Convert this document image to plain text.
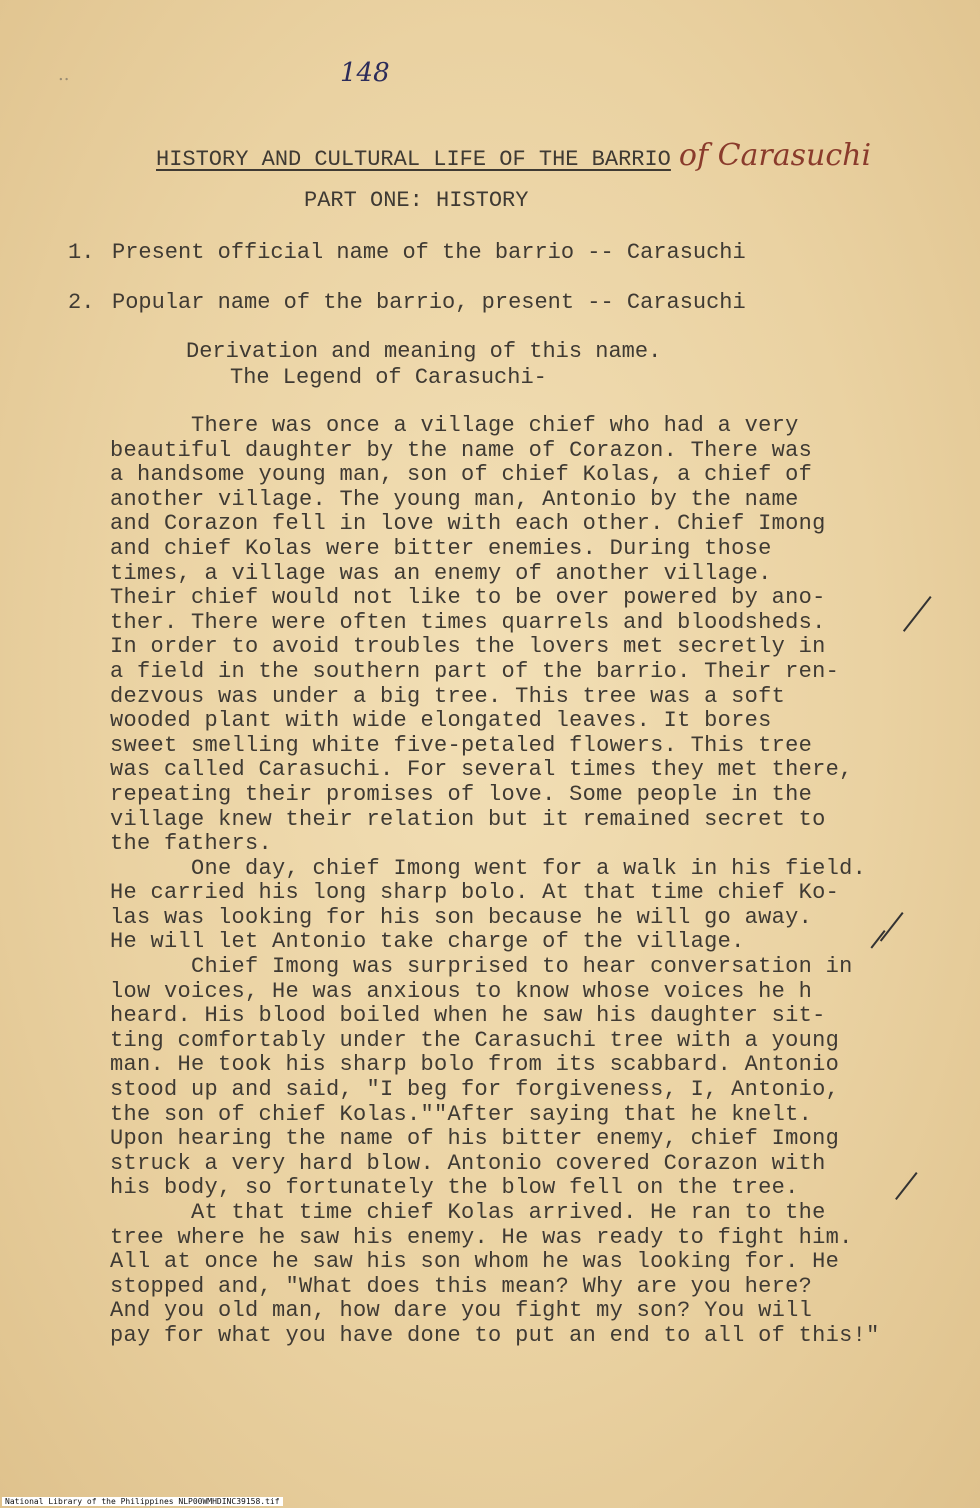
..	148
HISTORY AND CULTURAL LIFE OF THE BARRIO of Carasuchi
PART ONE: HISTORY
1. Present official name of the barrio -- Carasuchi
2. Popular name of the barrio, present -- Carasuchi
Derivation and meaning of this name.
The Legend of Carasuchi-
There was once a village chief who had a very
beautiful daughter by the name of Corazon. There was
a handsome young man, son of chief Kolas, a chief of
another village. The young man, Antonio by the name
and Corazon fell in love with each other. Chief Imong
and chief Kolas were bitter enemies. During those
times, a village was an enemy of another village.
Their chief would not like to be over powered by ano-
ther. There were often times quarrels and bloodsheds.
In order to avoid troubles the lovers met secretly in
a field in the southern part of the barrio. Their ren-
dezvous was under a big tree. This tree was a soft
wooded plant with wide elongated leaves. It bores
sweet smelling white five-petaled flowers. This tree
was called Carasuchi. For several times they met there,
repeating their promises of love. Some people in the
village knew their relation but it remained secret to
the fathers.
One day, chief Imong went for a walk in his field.
He carried his long sharp bolo. At that time chief Ko-
las was looking for his son because he will go away.
He will let Antonio take charge of the village.
Chief Imong was surprised to hear conversation in
low voices, He was anxious to know whose voices he h
heard. His blood boiled when he saw his daughter sit-
ting comfortably under the Carasuchi tree with a young
man. He took his sharp bolo from its scabbard. Antonio
stood up and said, "I beg for forgiveness, I, Antonio,
the son of chief Kolas.""After saying that he knelt.
Upon hearing the name of his bitter enemy, chief Imong
struck a very hard blow. Antonio covered Corazon with
his body, so fortunately the blow fell on the tree.
At that time chief Kolas arrived. He ran to the
tree where he saw his enemy. He was ready to fight him.
All at once he saw his son whom he was looking for. He
stopped and, "What does this mean? Why are you here?
And you old man, how dare you fight my son? You will
pay for what you have done to put an end to all of this!"
National Library of the Philippines NLP00WMHDINC39158.tif
